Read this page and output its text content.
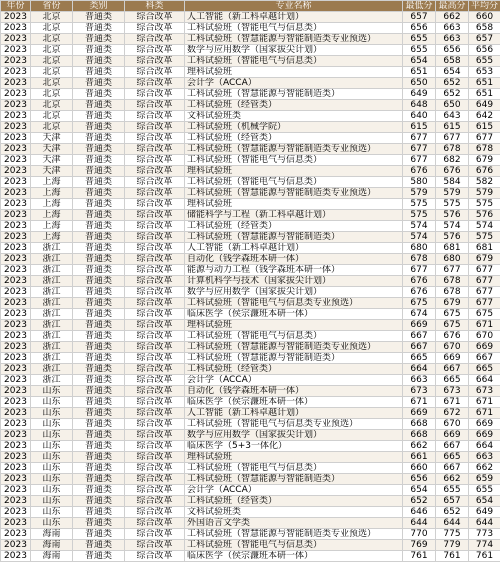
年份	省份	类别	科类	专业名称	最低分	最高分	平均分
2023	北京	普通类	综合改革	人工智能（新工科卓越计划）	657	662	660
2023	北京	普通类	综合改革	工科试验班（智能电气与信息类）	656	663	658
2023	北京	普通类	综合改革	工科试验班（智慧能源与智能制造类专业预选）	655	663	657
2023	北京	普通类	综合改革	数学与应用数学（国家拔尖计划）	655	656	656
2023	北京	普通类	综合改革	工科试验班（智能电气与信息类）	654	658	655
2023	北京	普通类	综合改革	理科试验班	651	654	653
2023	北京	普通类	综合改革	会计学（ACCA）	650	652	651
2023	北京	普通类	综合改革	工科试验班（智慧能源与智能制造类）	649	652	651
2023	北京	普通类	综合改革	工科试验班（经管类）	648	650	649
2023	北京	普通类	综合改革	文科试验班类	640	643	642
2023	北京	普通类	综合改革	工科试验班（机械学院）	615	615	615
2023	天津	普通类	综合改革	工科试验班（经管类）	677	677	677
2023	天津	普通类	综合改革	工科试验班（智慧能源与智能制造类专业预选）	677	678	678
2023	天津	普通类	综合改革	工科试验班（智能电气与信息类）	677	682	679
2023	天津	普通类	综合改革	理科试验班	676	676	676
2023	上海	普通类	综合改革	工科试验班（智能电气与信息类）	580	584	582
2023	上海	普通类	综合改革	工科试验班（智慧能源与智能制造类专业预选）	579	579	579
2023	上海	普通类	综合改革	理科试验班	575	575	575
2023	上海	普通类	综合改革	储能科学与工程（新工科卓越计划）	575	576	576
2023	上海	普通类	综合改革	工科试验班（经管类）	574	574	574
2023	上海	普通类	综合改革	工科试验班（智慧能源与智能制造类）	574	576	575
2023	浙江	普通类	综合改革	人工智能（新工科卓越计划）	680	681	681
2023	浙江	普通类	综合改革	自动化（钱学森班本研一体）	678	680	679
2023	浙江	普通类	综合改革	能源与动力工程（钱学森班本研一体）	677	677	677
2023	浙江	普通类	综合改革	计算机科学与技术（国家拔尖计划）	676	678	677
2023	浙江	普通类	综合改革	数学与应用数学（国家拔尖计划）	676	678	677
2023	浙江	普通类	综合改革	工科试验班（智能电气与信息类专业预选）	675	679	677
2023	浙江	普通类	综合改革	临床医学（侯宗濂班本研一体）	674	675	675
2023	浙江	普通类	综合改革	理科试验班	669	675	671
2023	浙江	普通类	综合改革	工科试验班（智能电气与信息类）	667	676	670
2023	浙江	普通类	综合改革	工科试验班（智慧能源与智能制造类专业预选）	667	670	669
2023	浙江	普通类	综合改革	工科试验班（智慧能源与智能制造类）	665	669	667
2023	浙江	普通类	综合改革	工科试验班（经管类）	664	667	665
2023	浙江	普通类	综合改革	会计学（ACCA）	663	665	664
2023	山东	普通类	综合改革	自动化（钱学森班本研一体）	673	673	673
2023	山东	普通类	综合改革	临床医学（侯宗濂班本研一体）	671	671	671
2023	山东	普通类	综合改革	人工智能（新工科卓越计划）	669	672	671
2023	山东	普通类	综合改革	工科试验班（智能电气与信息类专业预选）	668	670	669
2023	山东	普通类	综合改革	数学与应用数学（国家拔尖计划）	668	669	669
2023	山东	普通类	综合改革	临床医学（5+3一体化）	662	667	664
2023	山东	普通类	综合改革	理科试验班	661	665	663
2023	山东	普通类	综合改革	工科试验班（智能电气与信息类）	660	667	662
2023	山东	普通类	综合改革	工科试验班（智慧能源与智能制造类）	656	662	659
2023	山东	普通类	综合改革	会计学（ACCA）	654	655	655
2023	山东	普通类	综合改革	工科试验班（经管类）	652	657	654
2023	山东	普通类	综合改革	文科试验班类	646	652	649
2023	山东	普通类	综合改革	外国语言文学类	644	644	644
2023	海南	普通类	综合改革	工科试验班（智慧能源与智能制造类专业预选）	770	775	773
2023	海南	普通类	综合改革	工科试验班（智能电气与信息类）	769	779	774
2023	海南	普通类	综合改革	临床医学（侯宗濂班本研一体）	761	761	761
